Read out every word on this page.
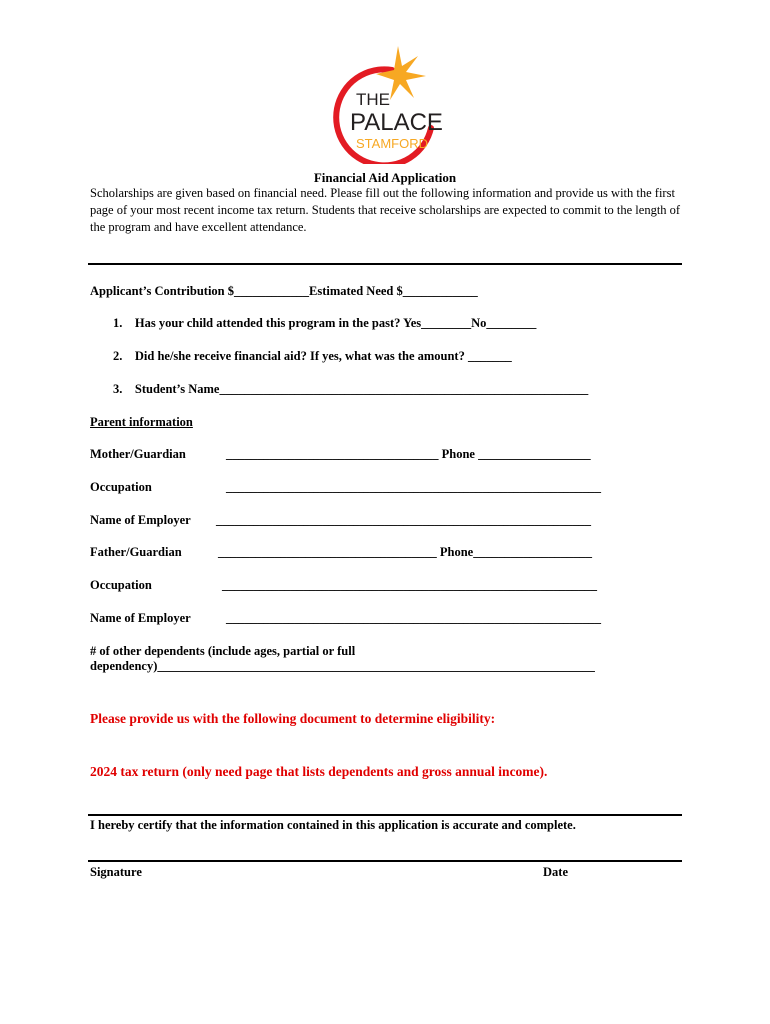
THE
PALACE
STAMFORD
Financial Aid Application
Scholarships are given based on financial need. Please fill out the following information and provide us with the first page of your most recent income tax return. Students that receive scholarships are expected to commit to the length of the program and have excellent attendance.
Applicant’s Contribution $____________Estimated Need $____________
1. Has your child attended this program in the past? Yes________No________
2. Did he/she receive financial aid? If yes, what was the amount? _______
3. Student’s Name___________________________________________________________
Parent information
Mother/Guardian	__________________________________ Phone __________________
Occupation	____________________________________________________________
Name of Employer ____________________________________________________________
Father/Guardian	___________________________________ Phone___________________
Occupation	____________________________________________________________
Name of Employer	____________________________________________________________
# of other dependents (include ages, partial or full
dependency)______________________________________________________________________
Please provide us with the following document to determine eligibility:
2024 tax return (only need page that lists dependents and gross annual income).
I hereby certify that the information contained in this application is accurate and complete.
Signature	Date
